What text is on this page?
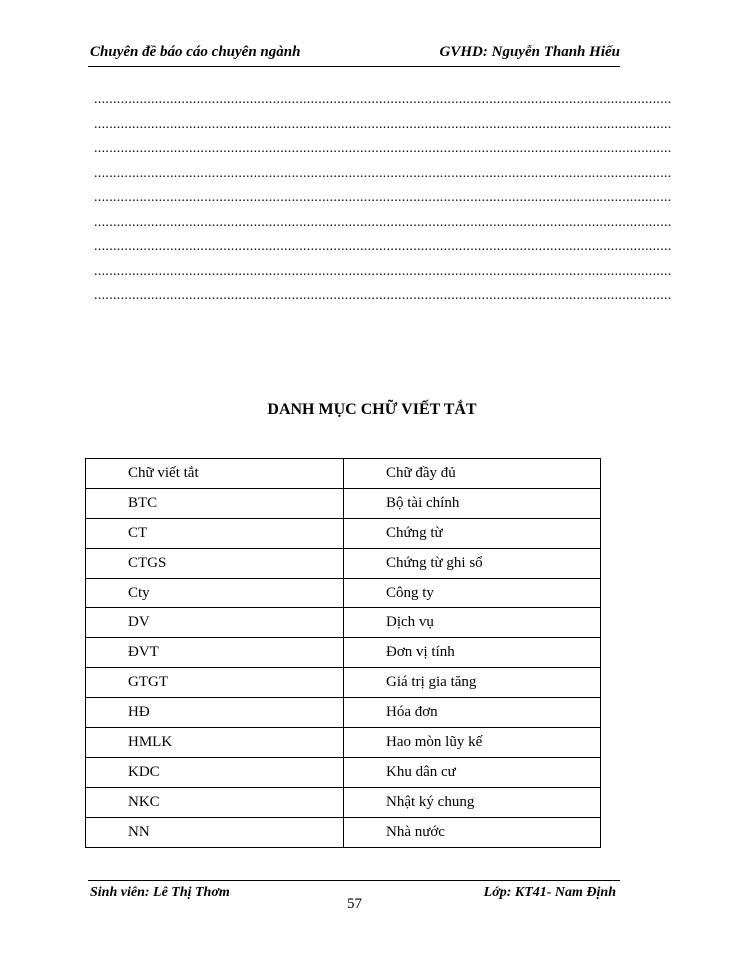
Chuyên đề báo cáo chuyên ngành	GVHD: Nguyễn Thanh Hiếu
........................................................................................................................................................
........................................................................................................................................................
........................................................................................................................................................
........................................................................................................................................................
........................................................................................................................................................
........................................................................................................................................................
........................................................................................................................................................
........................................................................................................................................................
........................................................................................................................................................
DANH MỤC CHỮ VIẾT TẮT
Chữ viết tắt	Chữ đầy đủ
BTC	Bộ tài chính
CT	Chứng từ
CTGS	Chứng từ ghi sổ
Cty	Công ty
DV	Dịch vụ
ĐVT	Đơn vị tính
GTGT	Giá trị gia tăng
HĐ	Hóa đơn
HMLK	Hao mòn lũy kế
KDC	Khu dân cư
NKC	Nhật ký chung
NN	Nhà nước
Sinh viên: Lê Thị Thơm
57
Lớp: KT41- Nam Định
